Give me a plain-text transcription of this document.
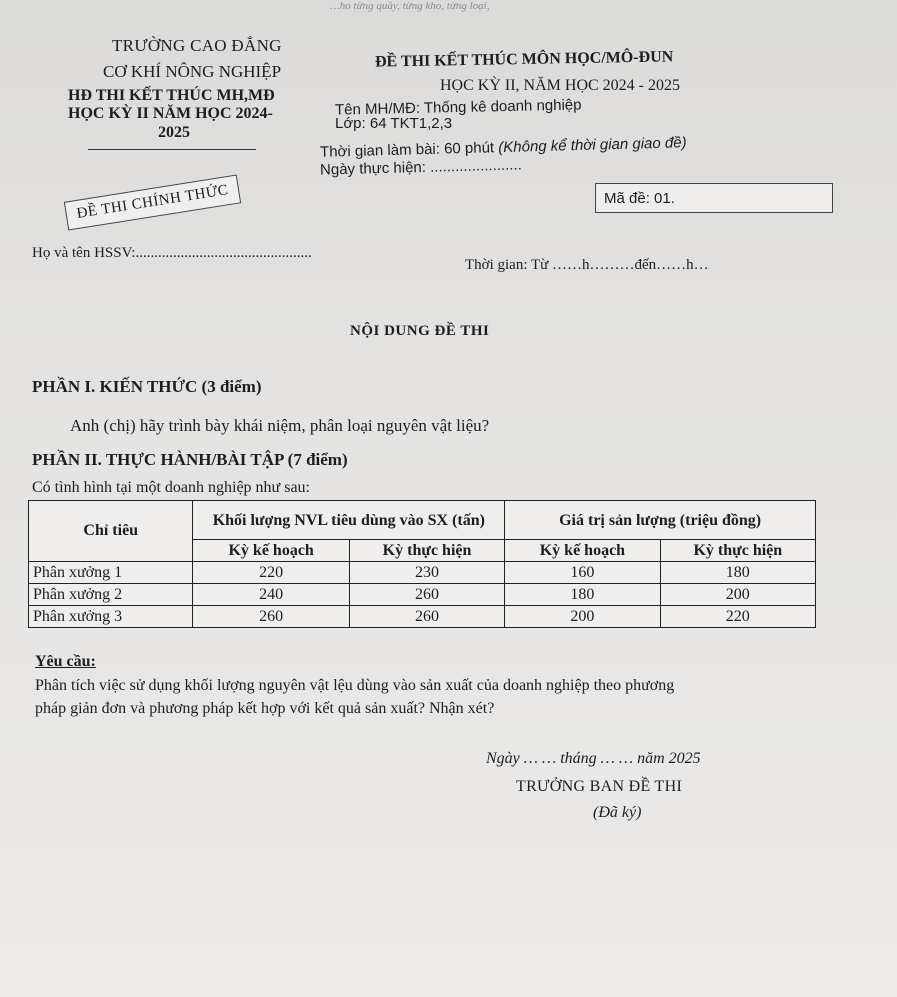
…ho từng quầy, từng kho, từng loại,
TRƯỜNG CAO ĐẲNG
CƠ KHÍ NÔNG NGHIỆP
HĐ THI KẾT THÚC MH,MĐ
HỌC KỲ II NĂM HỌC 2024-
2025
ĐỀ THI KẾT THÚC MÔN HỌC/MÔ-ĐUN
HỌC KỲ II, NĂM HỌC 2024 - 2025
Tên MH/MĐ: Thống kê doanh nghiệp
Lớp: 64 TKT1,2,3
Thời gian làm bài: 60 phút (Không kể thời gian giao đề)
Ngày thực hiện: ......................
ĐỀ THI CHÍNH THỨC	Mã đề: 01.
Họ và tên HSSV:...............................................
Thời gian: Từ ……h………đến……h…
NỘI DUNG ĐỀ THI
PHẦN I. KIẾN THỨC (3 điểm)
Anh (chị) hãy trình bày khái niệm, phân loại nguyên vật liệu?
PHẦN II. THỰC HÀNH/BÀI TẬP (7 điểm)
Có tình hình tại một doanh nghiệp như sau:
Chỉ tiêu	Khối lượng NVL tiêu dùng vào SX (tấn)		Giá trị sản lượng (triệu đồng)	
	Kỳ kế hoạch	Kỳ thực hiện	Kỳ kế hoạch	Kỳ thực hiện
Phân xưởng 1	220	230	160	180
Phân xưởng 2	240	260	180	200
Phân xưởng 3	260	260	200	220
Yêu cầu:
Phân tích việc sử dụng khối lượng nguyên vật lệu dùng vào sản xuất của doanh nghiệp theo phương
pháp giản đơn và phương pháp kết hợp với kết quả sản xuất? Nhận xét?
Ngày … … tháng … … năm 2025
TRƯỞNG BAN ĐỀ THI
(Đã ký)
